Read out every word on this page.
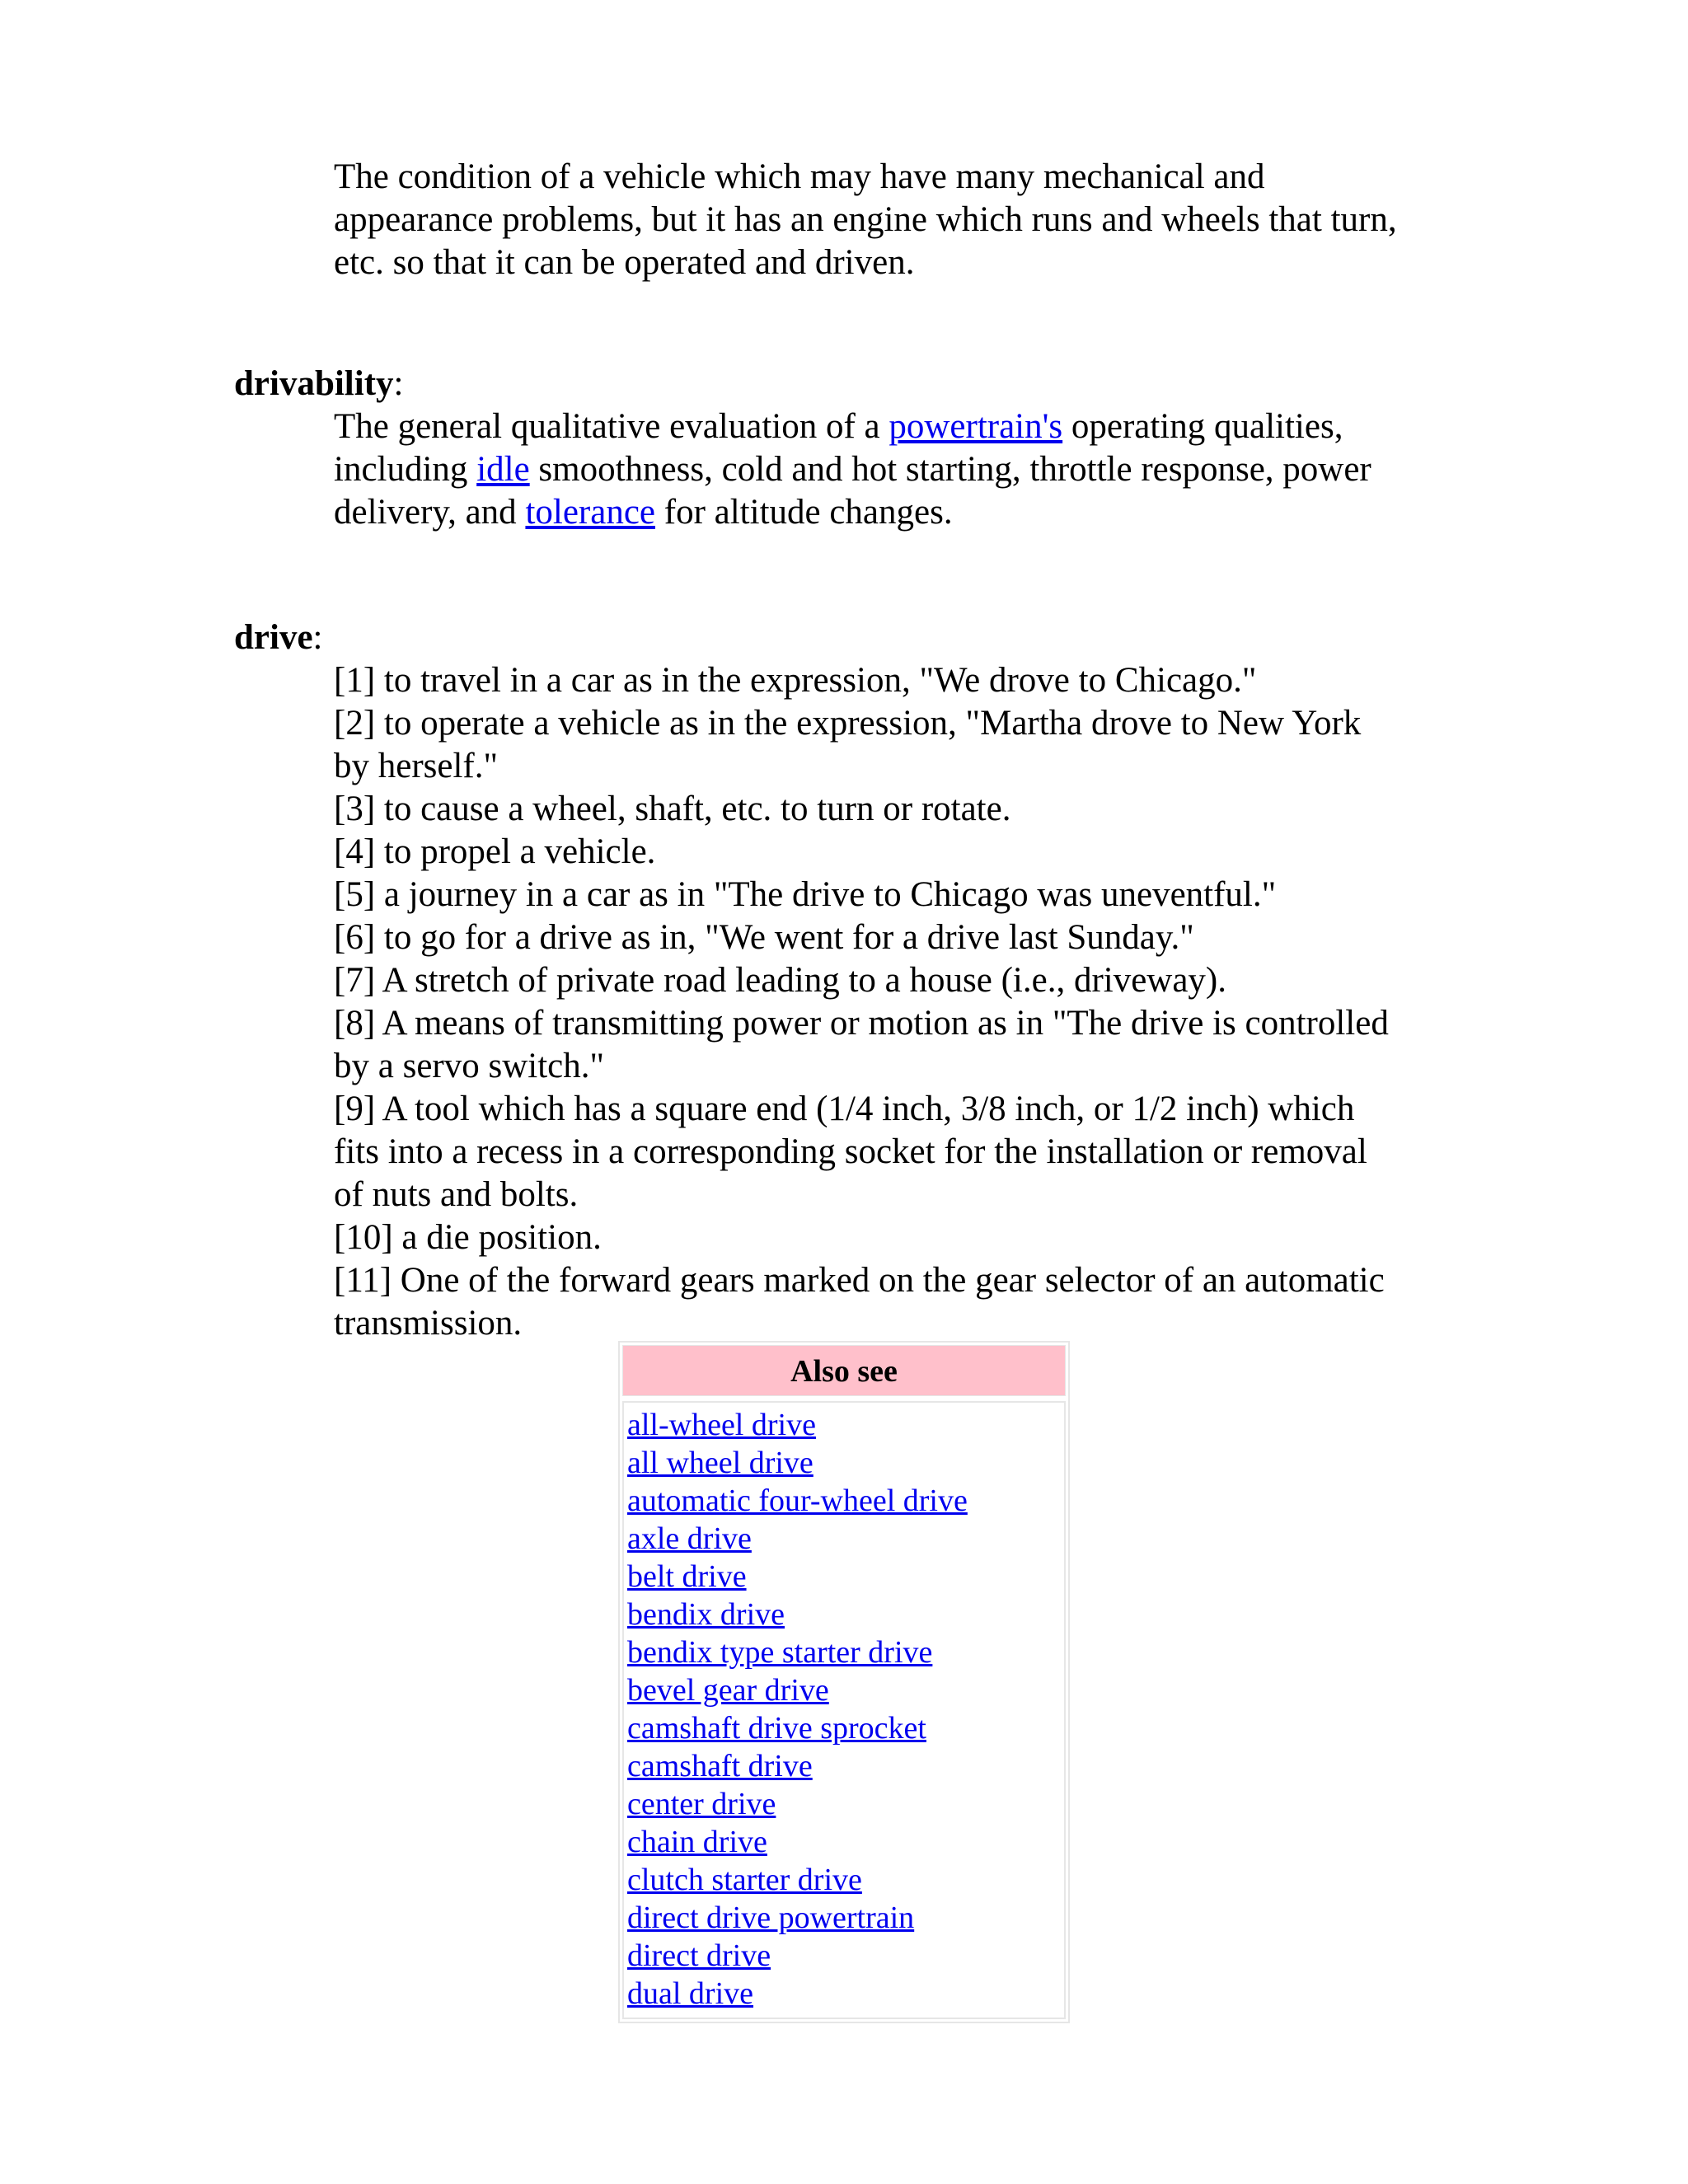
The condition of a vehicle which may have many mechanical and
appearance problems, but it has an engine which runs and wheels that turn,
etc. so that it can be operated and driven.
drivability:
The general qualitative evaluation of a powertrain's operating qualities,
including idle smoothness, cold and hot starting, throttle response, power
delivery, and tolerance for altitude changes.
drive:
[1] to travel in a car as in the expression, "We drove to Chicago."
[2] to operate a vehicle as in the expression, "Martha drove to New York
by herself."
[3] to cause a wheel, shaft, etc. to turn or rotate.
[4] to propel a vehicle.
[5] a journey in a car as in "The drive to Chicago was uneventful."
[6] to go for a drive as in, "We went for a drive last Sunday."
[7] A stretch of private road leading to a house (i.e., driveway).
[8] A means of transmitting power or motion as in "The drive is controlled
by a servo switch."
[9] A tool which has a square end (1/4 inch, 3/8 inch, or 1/2 inch) which
fits into a recess in a corresponding socket for the installation or removal
of nuts and bolts.
[10] a die position.
[11] One of the forward gears marked on the gear selector of an automatic
transmission.
Also see
all-wheel drive
all wheel drive
automatic four-wheel drive
axle drive
belt drive
bendix drive
bendix type starter drive
bevel gear drive
camshaft drive sprocket
camshaft drive
center drive
chain drive
clutch starter drive
direct drive powertrain
direct drive
dual drive
